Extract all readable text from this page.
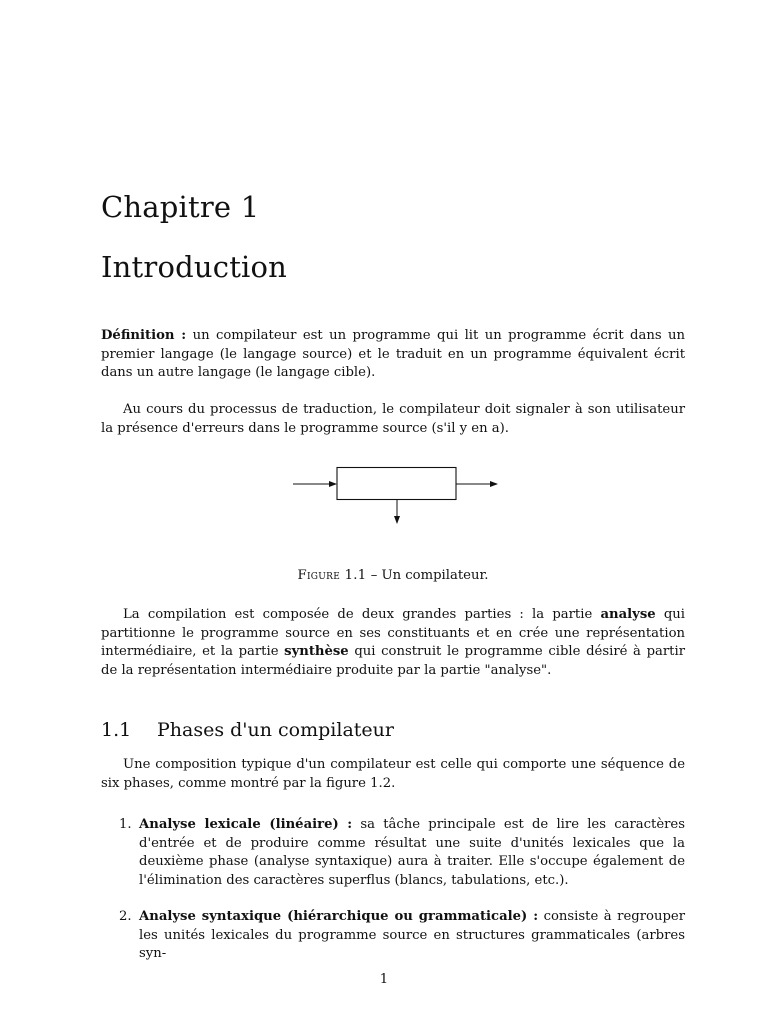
Chapitre 1
Introduction

Définition : un compilateur est un programme qui lit un programme écrit dans un premier langage (le langage source) et le traduit en un programme équivalent écrit dans un autre langage (le langage cible).

Au cours du processus de traduction, le compilateur doit signaler à son utilisateur la présence d'erreurs dans le programme source (s'il y en a).

Figure 1.1 – Un compilateur.

La compilation est composée de deux grandes parties : la partie analyse qui partitionne le programme source en ses constituants et en crée une représentation intermédiaire, et la partie synthèse qui construit le programme cible désiré à partir de la représentation intermédiaire produite par la partie "analyse".

1.1 Phases d'un compilateur

Une composition typique d'un compilateur est celle qui comporte une séquence de six phases, comme montré par la figure 1.2.

1. Analyse lexicale (linéaire) : sa tâche principale est de lire les caractères d'entrée et de produire comme résultat une suite d'unités lexicales que la deuxième phase (analyse syntaxique) aura à traiter. Elle s'occupe également de l'élimination des caractères superflus (blancs, tabulations, etc.).
2. Analyse syntaxique (hiérarchique ou grammaticale) : consiste à regrouper les unités lexicales du programme source en structures grammaticales (arbres syn-
1
